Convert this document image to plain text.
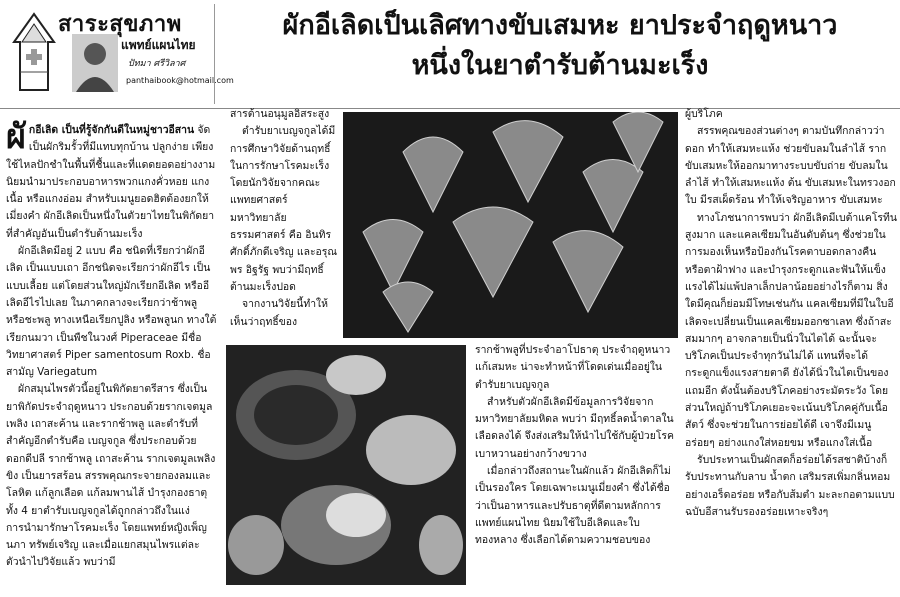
สาระสุขภาพ
แพทย์แผนไทย
ปัทมา ศรีวิลาศ
panthaibook@hotmail.com
ผักอีเลิดเป็นเลิศทางขับเสมหะ ยาประจำฤดูหนาว
หนึ่งในยาตำรับต้านมะเร็ง
ผั กอีเลิด เป็นที่รู้จักกันดีในหมู่ชาวอีสาน จัดเป็นผักริมรั้วที่มีแทบทุกบ้าน ปลูกง่าย เพียงใช้ไหลปักชำในพื้นที่ชื้นและที่แดดยอดอย่างงาม นิยมนำมาประกอบอาหารพวกแกงคั่วหอย แกงเนื้อ หรือแกงอ่อม สำหรับเมนูยอดฮิตต้องยกให้เมี่ยงคำ ผักอีเลิดเป็นหนึ่งในตัวยาไทยในพิกัดยาที่สำคัญอันเป็นตำรับต้านมะเร็ง

ผักอีเลิดมีอยู่ 2 แบบ คือ ชนิดที่เรียกว่าผักอีเลิด เป็นแบบเถา อีกชนิดจะเรียกว่าผักอีไร เป็นแบบเลื้อย แต่โดยส่วนใหญ่มักเรียกอีเลิด หรืออีเลิดอีไรไปเลย ในภาคกลางจะเรียกว่าช้าพลู หรือชะพลู ทางเหนือเรียกปูลิง หรือพลูนก ทางใต้เรียกนมวา เป็นพืชในวงศ์ Piperaceae มีชื่อวิทยาศาสตร์ Piper samentosum Roxb. ชื่อสามัญ Variegatum

ผักสมุนไพรตัวนี้อยู่ในพิกัดยาตรีสาร ซึ่งเป็นยาพิกัดประจำฤดูหนาว ประกอบด้วยรากเจตมูลเพลิง เถาสะค้าน และรากช้าพลู และตำรับที่สำคัญอีกตำรับคือ เบญจกูล ซึ่งประกอบด้วย ดอกดีปลี รากช้าพลู เถาสะค้าน รากเจตมูลเพลิง ขิง เป็นยารสร้อน สรรพคุณกระจายกองลมและโลหิต แก้ลูกเลือด แก้ลมพานไส้ บำรุงกองธาตุทั้ง 4 ยาตำรับเบญจกูลได้ถูกกล่าวถึงในแง่การนำมารักษาโรคมะเร็ง โดยแพทย์หญิงเพ็ญนภา ทรัพย์เจริญ และเมื่อแยกสมุนไพรแต่ละตัวนำไปวิจัยแล้ว พบว่ามี

สารต้านอนุมูลอิสระสูง

ตำรับยาเบญจกูลได้มีการศึกษาวิจัยด้านฤทธิ์ในการรักษาโรคมะเร็ง โดยนักวิจัยจากคณะแพทยศาสตร์ มหาวิทยาลัยธรรมศาสตร์ คือ อินทิร ศักดิ์ภักดีเจริญ และอรุณพร อิฐรัฐ พบว่ามีฤทธิ์ต้านมะเร็งปอด

จากงานวิจัยนี้ทำให้เห็นว่าฤทธิ์ของ

รากช้าพลูที่ประจำอาโปธาตุ ประจำฤดูหนาว แก้เสมหะ น่าจะทำหน้าที่โดดเด่นเมื่ออยู่ในตำรับยาเบญจกูล

สำหรับตัวผักอีเลิดมีข้อมูลการวิจัยจากมหาวิทยาลัยมหิดล พบว่า มีฤทธิ์ลดน้ำตาลในเลือดลงได้ จึงส่งเสริมให้นำไปใช้กับผู้ป่วยโรคเบาหวานอย่างกว้างขวาง

เมื่อกล่าวถึงสถานะในผักแล้ว ผักอีเลิดก็ไม่เป็นรองใคร โดยเฉพาะเมนูเมี่ยงคำ ซึ่งได้ชื่อว่าเป็นอาหารและปรับธาตุที่ดีตามหลักการแพทย์แผนไทย นิยมใช้ใบอีเลิดและใบทองหลาง ซึ่งเลือกได้ตามความชอบของ

ผู้บริโภค

สรรพคุณของส่วนต่างๆ ตามบันทึกกล่าวว่า ดอก ทำให้เสมหะแห้ง ช่วยขับลมในลำไส้ ราก ขับเสมหะให้ออกมาทางระบบขับถ่าย ขับลมในลำไส้ ทำให้เสมหะแห้ง ต้น ขับเสมหะในทรวงอก ใบ มีรสเผ็ดร้อน ทำให้เจริญอาหาร ขับเสมหะ

ทางโภชนาการพบว่า ผักอีเลิดมีเบต้าแคโรทีนสูงมาก และแคลเซียมในอันดับต้นๆ ซึ่งช่วยในการมองเห็นหรือป้องกันโรคตาบอดกลางคืน หรือตาฝ้าฟาง และบำรุงกระดูกและฟันให้แข็งแรงได้ไม่แพ้ปลาเล็กปลาน้อยอย่างไรก็ตาม สิ่งใดมีคุณก็ย่อมมีโทษเช่นกัน แคลเซียมที่มีในใบอีเลิดจะเปลี่ยนเป็นแคลเซียมออกซาเลท ซึ่งถ้าสะสมมากๆ อาจกลายเป็นนิ่วในไตได้ ฉะนั้นจะบริโภคเป็นประจำทุกวันไม่ได้ แทนที่จะได้กระดูกแข็งแรงสายตาดี ยังได้นิ่วในไตเป็นของแถมอีก ดังนั้นต้องบริโภคอย่างระมัดระวัง โดยส่วนใหญ่ถ้าบริโภคเยอะจะเน้นบริโภคคู่กับเนื้อสัตว์ ซึ่งจะช่วยในการย่อยได้ดี เจาจึงมีเมนูอร่อยๆ อย่างแกงใส่หอยขม หรือแกงใส่เนื้อ

รับประทานเป็นผักสดก็อร่อยได้รสชาติบ้างก็รับประทานกับลาบ น้ำตก เสริมรสเพิ่มกลิ่นหอมอย่างเอร็ดอร่อย หรือกับส้มตำ มะละกอตามแบบฉบับอีสานรับรองอร่อยเหาะจริงๆ
